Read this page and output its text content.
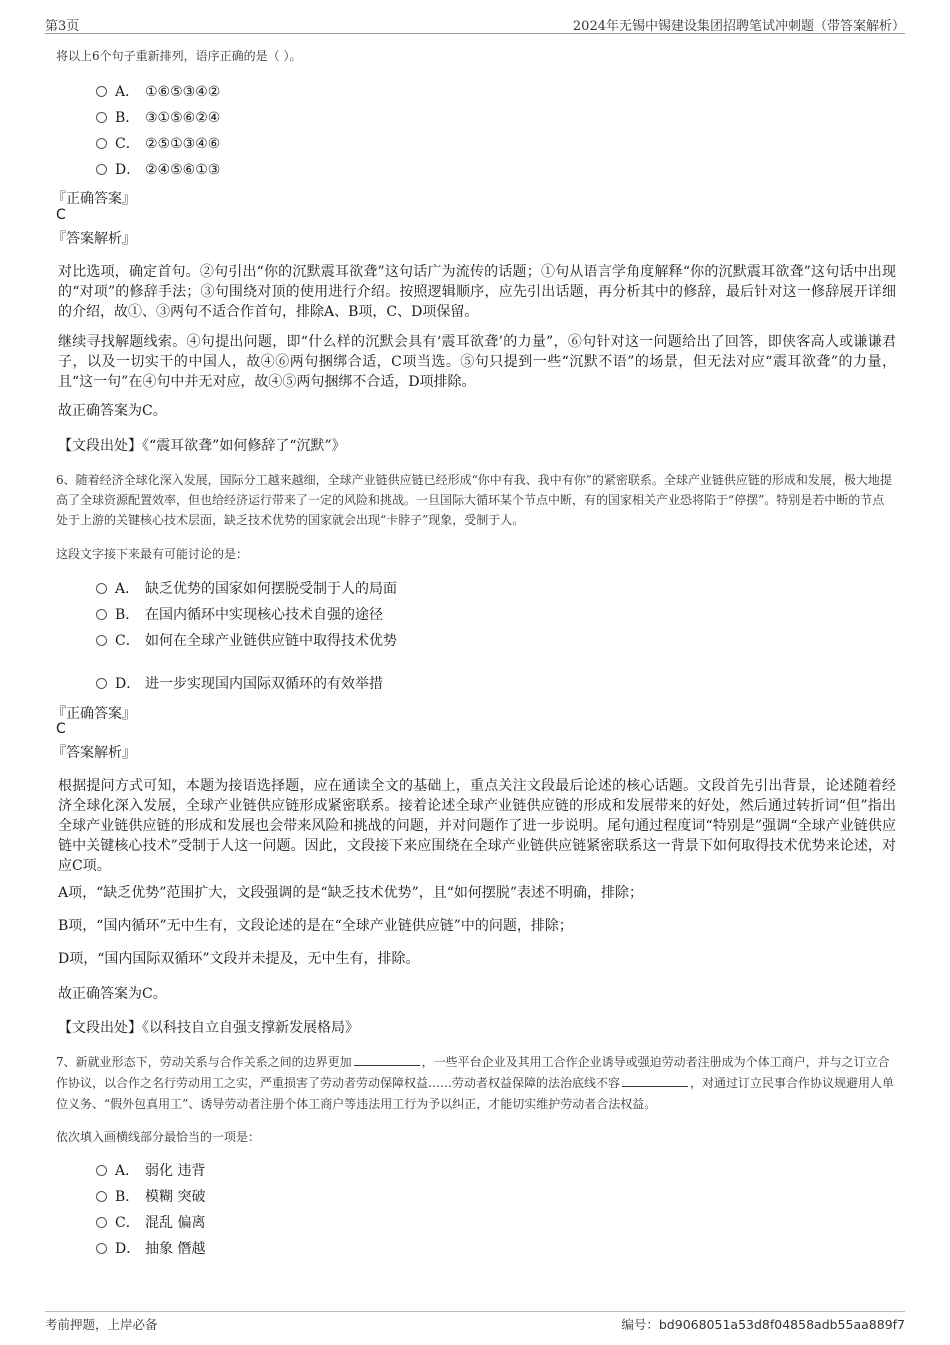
第3页	2024年无锡中锡建设集团招聘笔试冲刺题（带答案解析）
将以上6个句子重新排列，语序正确的是（ ）。
A． ①⑥⑤③④②
B． ③①⑤⑥②④
C． ②⑤①③④⑥
D． ②④⑤⑥①③
『正确答案』
C
『答案解析』
对比选项，确定首句。②句引出“你的沉默震耳欲聋”这句话广为流传的话题；①句从语言学角度解释“你的沉默震耳欲聋”这句话中出现的“对项”的修辞手法；③句围绕对顶的使用进行介绍。按照逻辑顺序，应先引出话题，再分析其中的修辞，最后针对这一修辞展开详细的介绍，故①、③两句不适合作首句，排除A、B项，C、D项保留。
继续寻找解题线索。④句提出问题，即“什么样的沉默会具有‘震耳欲聋’的力量”，⑥句针对这一问题给出了回答，即侠客高人或谦谦君子，以及一切实干的中国人，故④⑥两句捆绑合适，C项当选。⑤句只提到一些“沉默不语”的场景，但无法对应“震耳欲聋”的力量，且“这一句”在④句中并无对应，故④⑤两句捆绑不合适，D项排除。
故正确答案为C。
【文段出处】《“震耳欲聋”如何修辞了“沉默”》
6、随着经济全球化深入发展，国际分工越来越细，全球产业链供应链已经形成“你中有我、我中有你”的紧密联系。全球产业链供应链的形成和发展，极大地提高了全球资源配置效率，但也给经济运行带来了一定的风险和挑战。一旦国际大循环某个节点中断，有的国家相关产业恐将陷于“停摆”。特别是若中断的节点处于上游的关键核心技术层面，缺乏技术优势的国家就会出现“卡脖子”现象，受制于人。
这段文字接下来最有可能讨论的是：
A． 缺乏优势的国家如何摆脱受制于人的局面
B． 在国内循环中实现核心技术自强的途径
C． 如何在全球产业链供应链中取得技术优势
D． 进一步实现国内国际双循环的有效举措
『正确答案』
C
『答案解析』
根据提问方式可知，本题为接语选择题，应在通读全文的基础上，重点关注文段最后论述的核心话题。文段首先引出背景，论述随着经济全球化深入发展，全球产业链供应链形成紧密联系。接着论述全球产业链供应链的形成和发展带来的好处，然后通过转折词“但”指出全球产业链供应链的形成和发展也会带来风险和挑战的问题，并对问题作了进一步说明。尾句通过程度词“特别是”强调“全球产业链供应链中关键核心技术”受制于人这一问题。因此，文段接下来应围绕在全球产业链供应链紧密联系这一背景下如何取得技术优势来论述，对应C项。
A项，“缺乏优势”范围扩大，文段强调的是“缺乏技术优势”，且“如何摆脱”表述不明确，排除；
B项，“国内循环”无中生有，文段论述的是在“全球产业链供应链”中的问题，排除；
D项，“国内国际双循环”文段并未提及，无中生有，排除。
故正确答案为C。
【文段出处】《以科技自立自强支撑新发展格局》
7、新就业形态下，劳动关系与合作关系之间的边界更加	，一些平台企业及其用工合作企业诱导或强迫劳动者注册成为个体工商户，并与之订立合作协议，以合作之名行劳动用工之实，严重损害了劳动者劳动保障权益……劳动者权益保障的法治底线不容	，对通过订立民事合作协议规避用人单位义务、“假外包真用工”、诱导劳动者注册个体工商户等违法用工行为予以纠正，才能切实维护劳动者合法权益。
依次填入画横线部分最恰当的一项是：
A． 弱化 违背
B． 模糊 突破
C． 混乱 偏离
D． 抽象 僭越
考前押题，上岸必备	编号：bd9068051a53d8f04858adb55aa889f7
